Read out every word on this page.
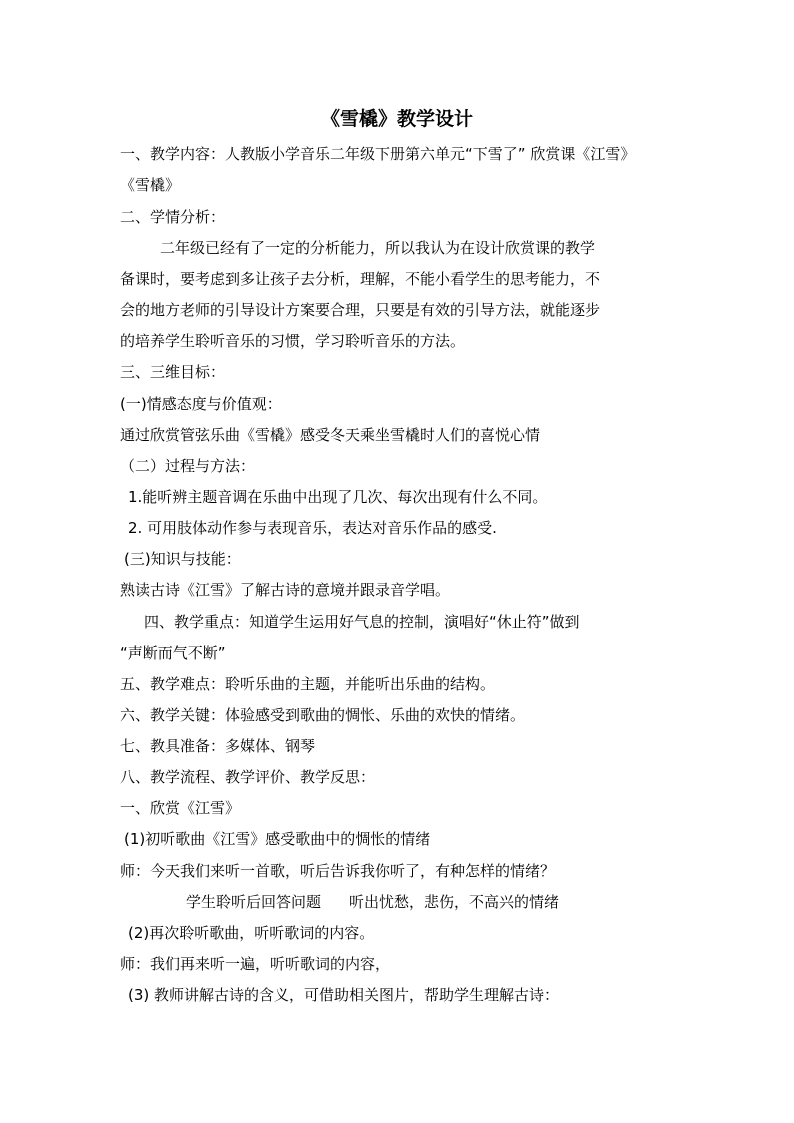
《雪橇》教学设计
一、教学内容：人教版小学音乐二年级下册第六单元“下雪了” 欣赏课《江雪》
《雪橇》
二、学情分析：
二年级已经有了一定的分析能力，所以我认为在设计欣赏课的教学
备课时，要考虑到多让孩子去分析，理解，不能小看学生的思考能力，不
会的地方老师的引导设计方案要合理，只要是有效的引导方法，就能逐步
的培养学生聆听音乐的习惯，学习聆听音乐的方法。
三、三维目标：
(一)情感态度与价值观：
通过欣赏管弦乐曲《雪橇》感受冬天乘坐雪橇时人们的喜悦心情
（二）过程与方法：
1.能听辨主题音调在乐曲中出现了几次、每次出现有什么不同。
2. 可用肢体动作参与表现音乐，表达对音乐作品的感受.
(三)知识与技能：
熟读古诗《江雪》了解古诗的意境并跟录音学唱。
四、教学重点：知道学生运用好气息的控制，演唱好“休止符”做到
“声断而气不断”
五、教学难点：聆听乐曲的主题，并能听出乐曲的结构。
六、教学关键：体验感受到歌曲的惆怅、乐曲的欢快的情绪。
七、教具准备：多媒体、钢琴
八、教学流程、教学评价、教学反思：
一、欣赏《江雪》
(1)初听歌曲《江雪》感受歌曲中的惆怅的情绪
师：今天我们来听一首歌，听后告诉我你听了，有种怎样的情绪？
学生聆听后回答问题 听出忧愁，悲伤，不高兴的情绪
(2)再次聆听歌曲，听听歌词的内容。
师：我们再来听一遍，听听歌词的内容，
(3) 教师讲解古诗的含义，可借助相关图片，帮助学生理解古诗：
